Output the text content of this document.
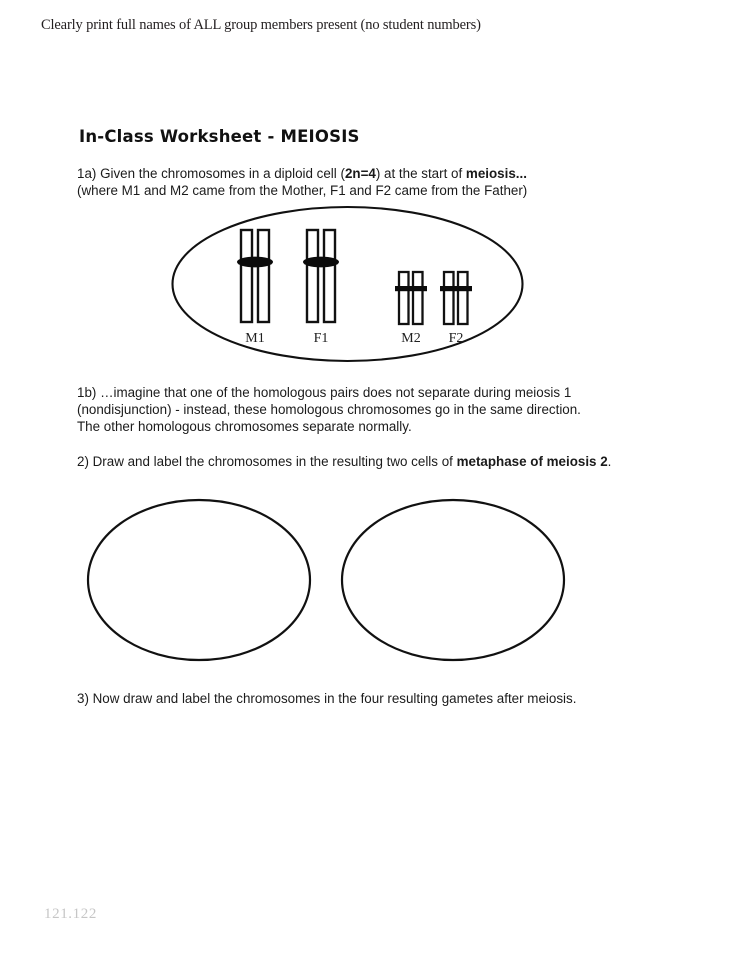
Clearly print full names of ALL group members present (no student numbers)
In-Class Worksheet - MEIOSIS
1a) Given the chromosomes in a diploid cell (2n=4) at the start of meiosis...
(where M1 and M2 came from the Mother, F1 and F2 came from the Father)
M1	F1	M2 F2
1b) …imagine that one of the homologous pairs does not separate during meiosis 1
(nondisjunction) - instead, these homologous chromosomes go in the same direction.
The other homologous chromosomes separate normally.
2) Draw and label the chromosomes in the resulting two cells of metaphase of meiosis 2.
3) Now draw and label the chromosomes in the four resulting gametes after meiosis.
121.122
